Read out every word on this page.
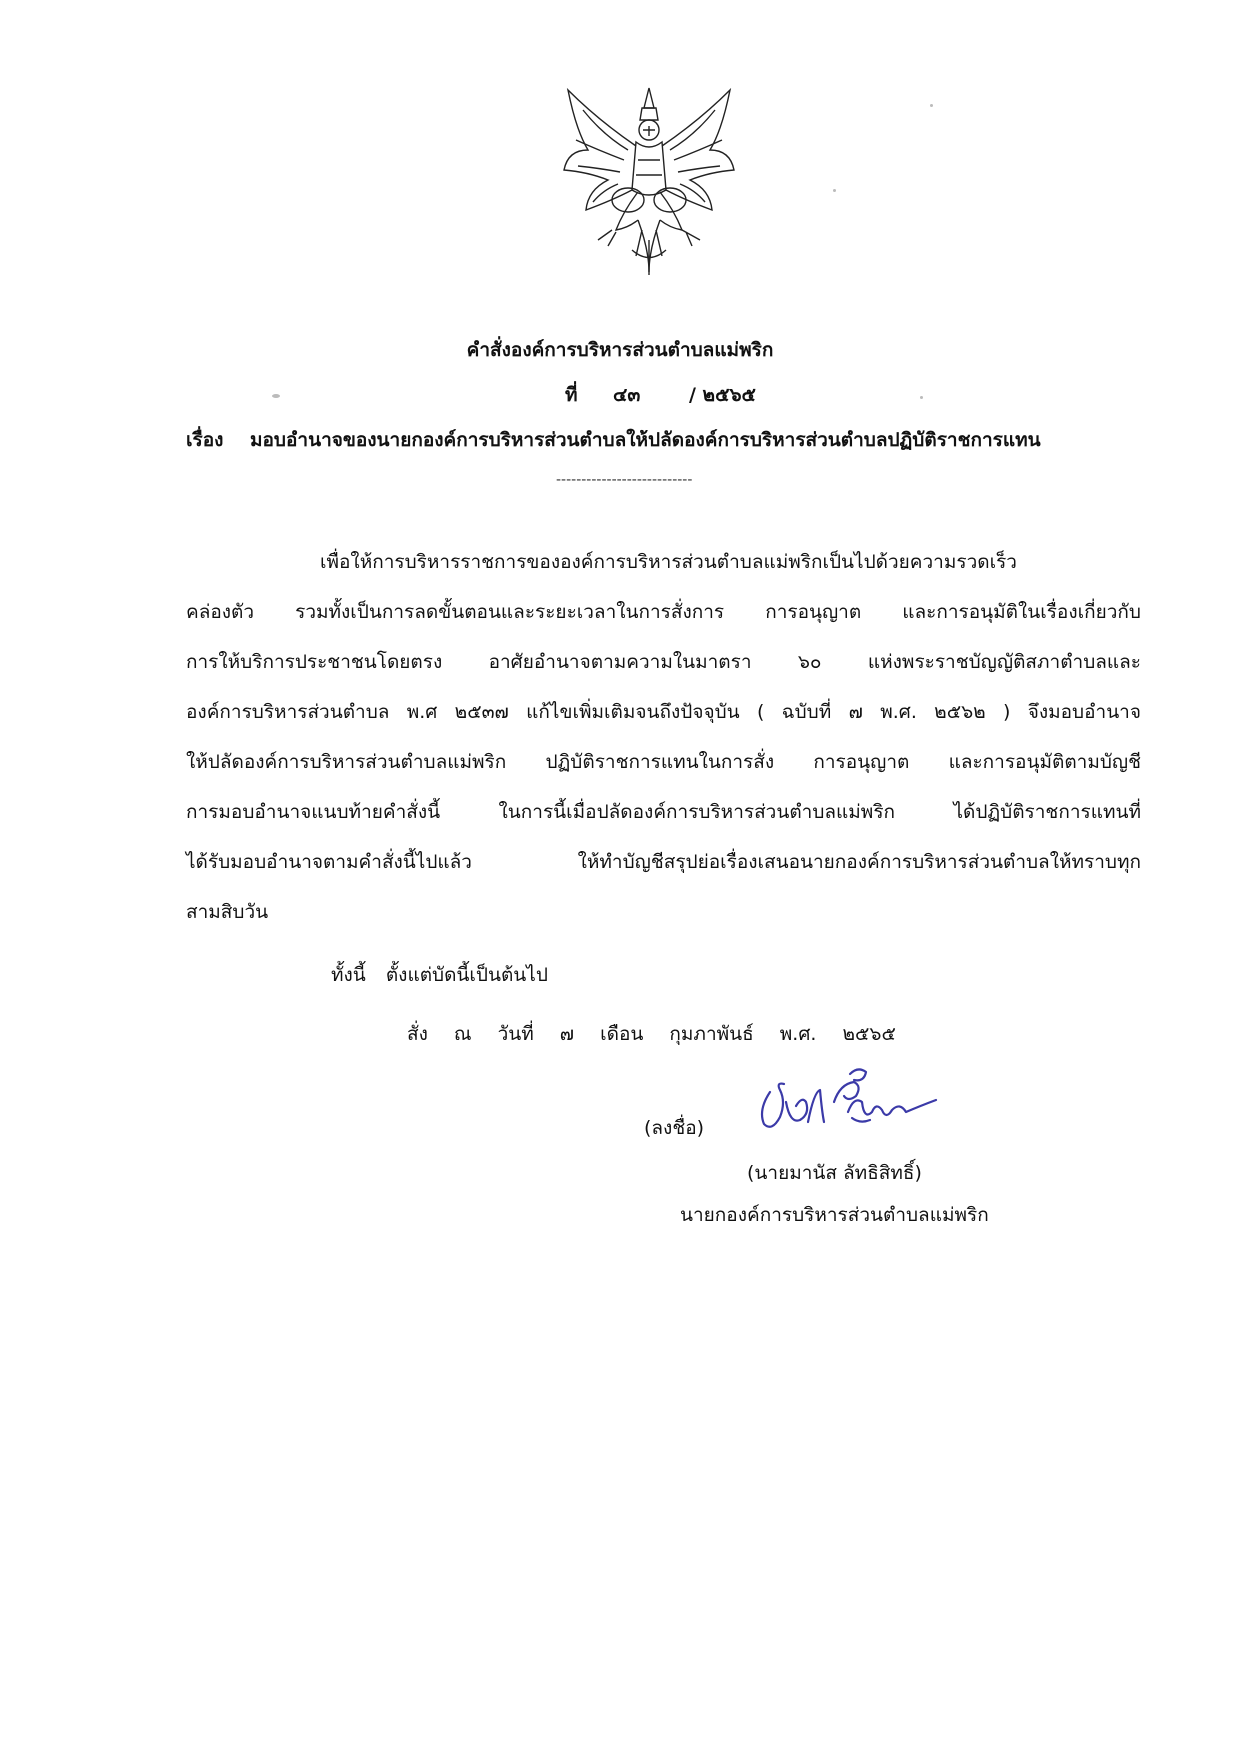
คำสั่งองค์การบริหารส่วนตำบลแม่พริก
ที่ ๔๓	/ ๒๕๖๕
เรื่อง มอบอำนาจของนายกองค์การบริหารส่วนตำบลให้ปลัดองค์การบริหารส่วนตำบลปฏิบัติราชการแทน
---------------------------
เพื่อให้การบริหารราชการขององค์การบริหารส่วนตำบลแม่พริกเป็นไปด้วยความรวดเร็ว
คล่องตัว รวมทั้งเป็นการลดขั้นตอนและระยะเวลาในการสั่งการ การอนุญาต และการอนุมัติในเรื่องเกี่ยวกับ
การให้บริการประชาชนโดยตรง อาศัยอำนาจตามความในมาตรา ๖๐ แห่งพระราชบัญญัติสภาตำบลและ
องค์การบริหารส่วนตำบล พ.ศ ๒๕๓๗ แก้ไขเพิ่มเติมจนถึงปัจจุบัน ( ฉบับที่ ๗ พ.ศ. ๒๕๖๒ ) จึงมอบอำนาจ
ให้ปลัดองค์การบริหารส่วนตำบลแม่พริก ปฏิบัติราชการแทนในการสั่ง การอนุญาต และการอนุมัติตามบัญชี
การมอบอำนาจแนบท้ายคำสั่งนี้ ในการนี้เมื่อปลัดองค์การบริหารส่วนตำบลแม่พริก ได้ปฏิบัติราชการแทนที่
ได้รับมอบอำนาจตามคำสั่งนี้ไปแล้ว ให้ทำบัญชีสรุปย่อเรื่องเสนอนายกองค์การบริหารส่วนตำบลให้ทราบทุก
สามสิบวัน
ทั้งนี้ ตั้งแต่บัดนี้เป็นต้นไป
สั่ง ณ วันที่ ๗ เดือน กุมภาพันธ์ พ.ศ. ๒๕๖๕
(ลงชื่อ)
(นายมานัส ลัทธิสิทธิ์)
นายกองค์การบริหารส่วนตำบลแม่พริก
